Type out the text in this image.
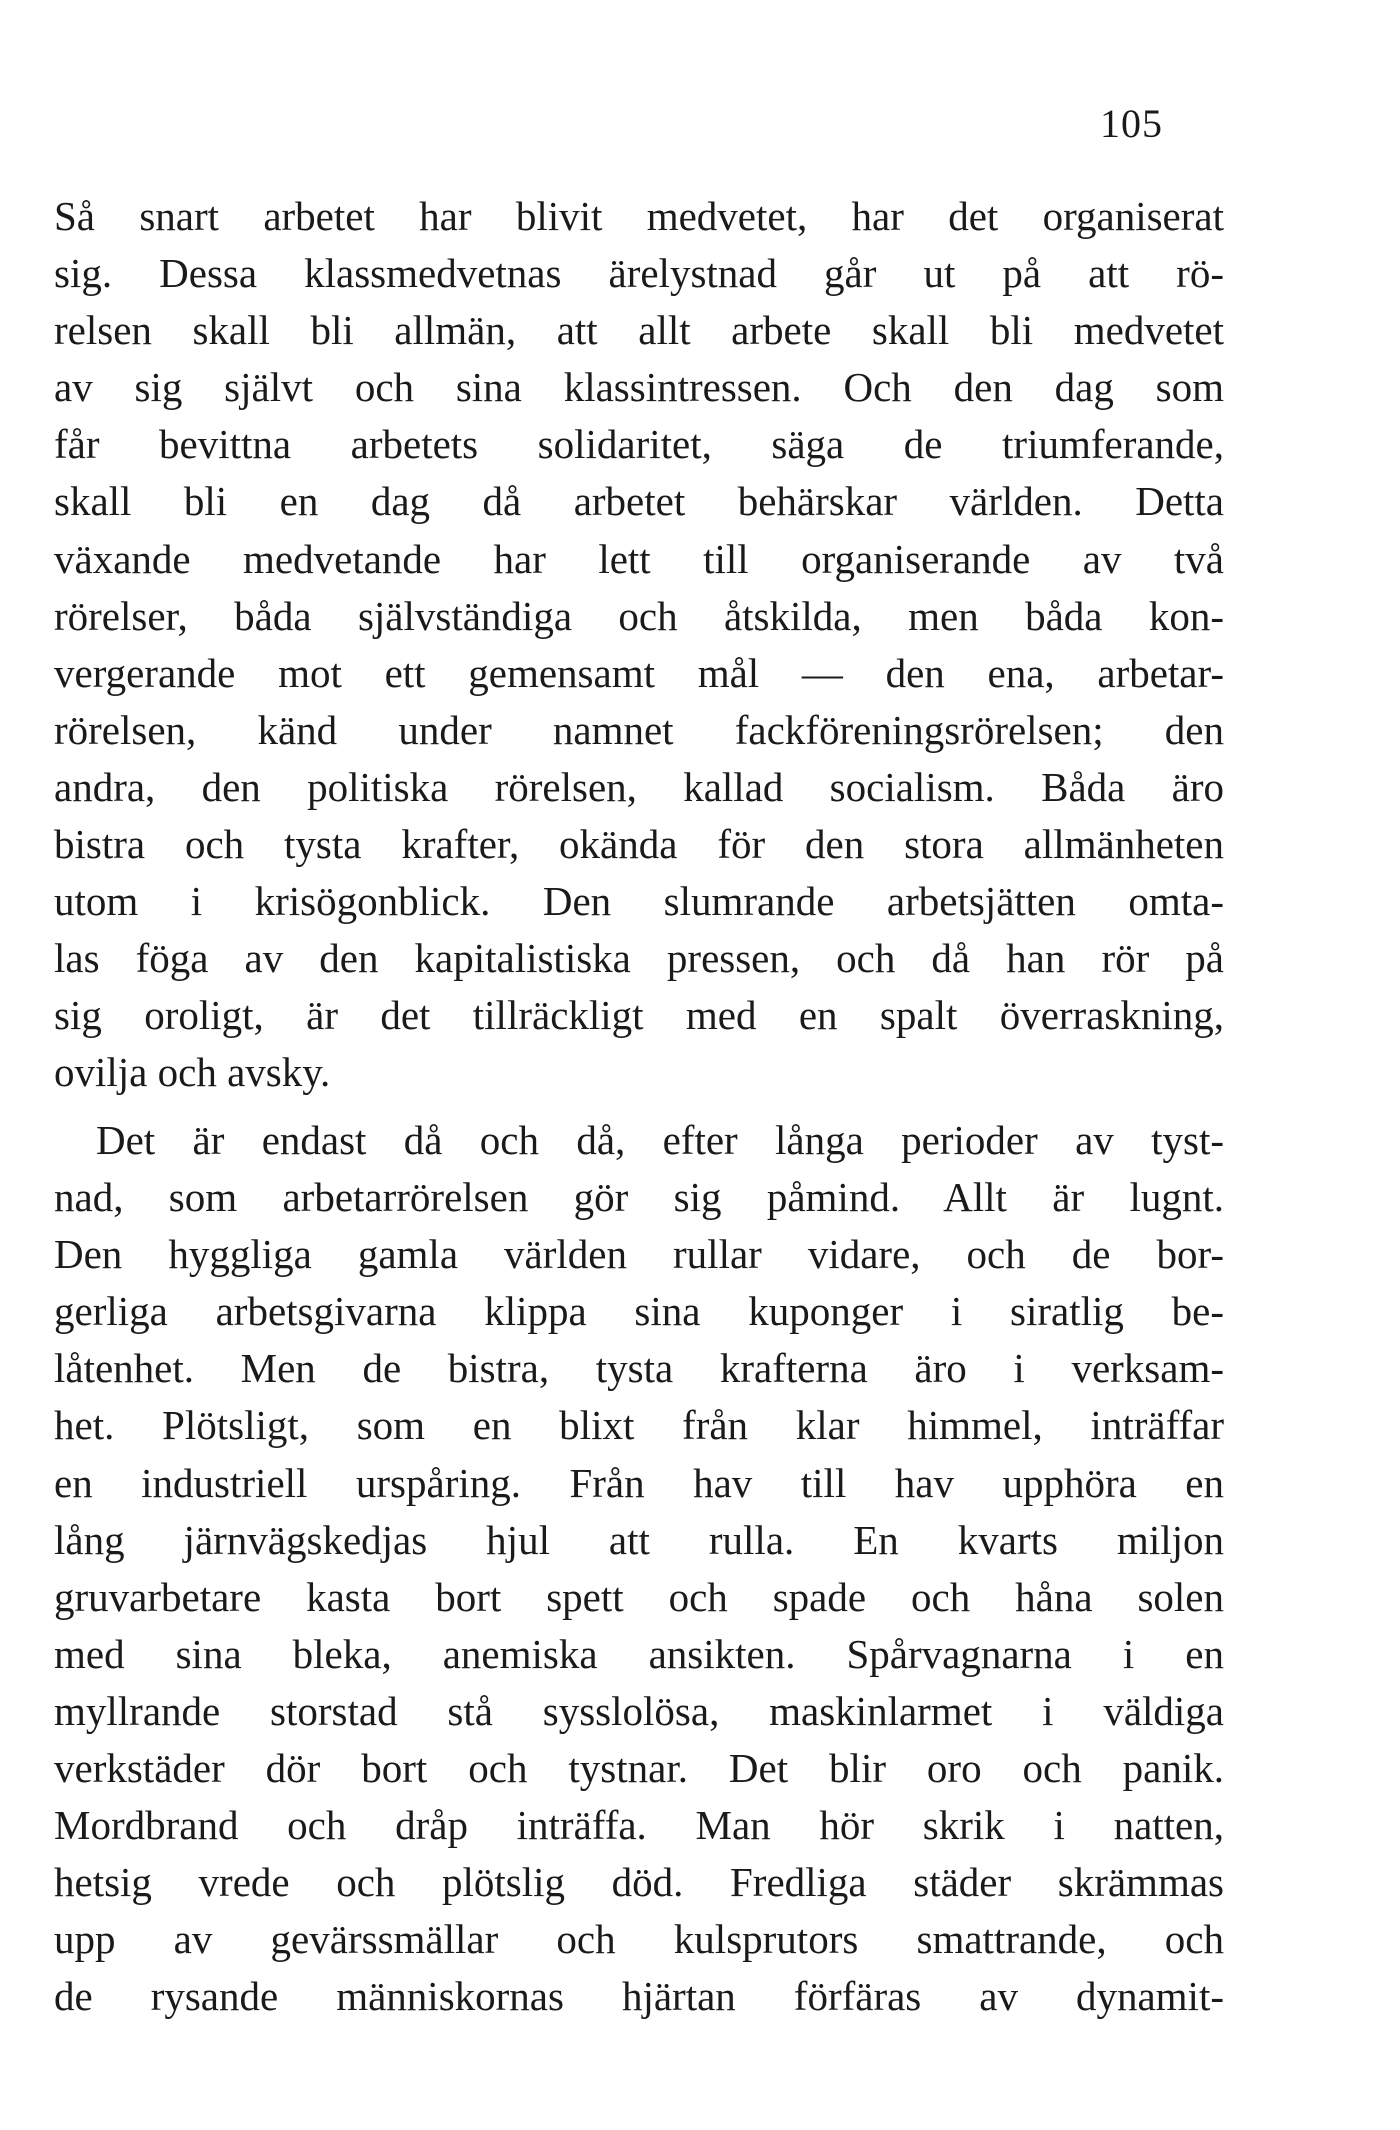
105
Så snart arbetet har blivit medvetet, har det organiserat
sig. Dessa klassmedvetnas ärelystnad går ut på att rö-
relsen skall bli allmän, att allt arbete skall bli medvetet
av sig självt och sina klassintressen. Och den dag som
får bevittna arbetets solidaritet, säga de triumferande,
skall bli en dag då arbetet behärskar världen. Detta
växande medvetande har lett till organiserande av två
rörelser, båda självständiga och åtskilda, men båda kon-
vergerande mot ett gemensamt mål — den ena, arbetar-
rörelsen, känd under namnet fackföreningsrörelsen; den
andra, den politiska rörelsen, kallad socialism. Båda äro
bistra och tysta krafter, okända för den stora allmänheten
utom i krisögonblick. Den slumrande arbetsjätten omta-
las föga av den kapitalistiska pressen, och då han rör på
sig oroligt, är det tillräckligt med en spalt överraskning,
ovilja och avsky.
Det är endast då och då, efter långa perioder av tyst-
nad, som arbetarrörelsen gör sig påmind. Allt är lugnt.
Den hyggliga gamla världen rullar vidare, och de bor-
gerliga arbetsgivarna klippa sina kuponger i siratlig be-
låtenhet. Men de bistra, tysta krafterna äro i verksam-
het. Plötsligt, som en blixt från klar himmel, inträffar
en industriell urspåring. Från hav till hav upphöra en
lång järnvägskedjas hjul att rulla. En kvarts miljon
gruvarbetare kasta bort spett och spade och håna solen
med sina bleka, anemiska ansikten. Spårvagnarna i en
myllrande storstad stå sysslolösa, maskinlarmet i väldiga
verkstäder dör bort och tystnar. Det blir oro och panik.
Mordbrand och dråp inträffa. Man hör skrik i natten,
hetsig vrede och plötslig död. Fredliga städer skrämmas
upp av gevärssmällar och kulsprutors smattrande, och
de rysande människornas hjärtan förfäras av dynamit-
